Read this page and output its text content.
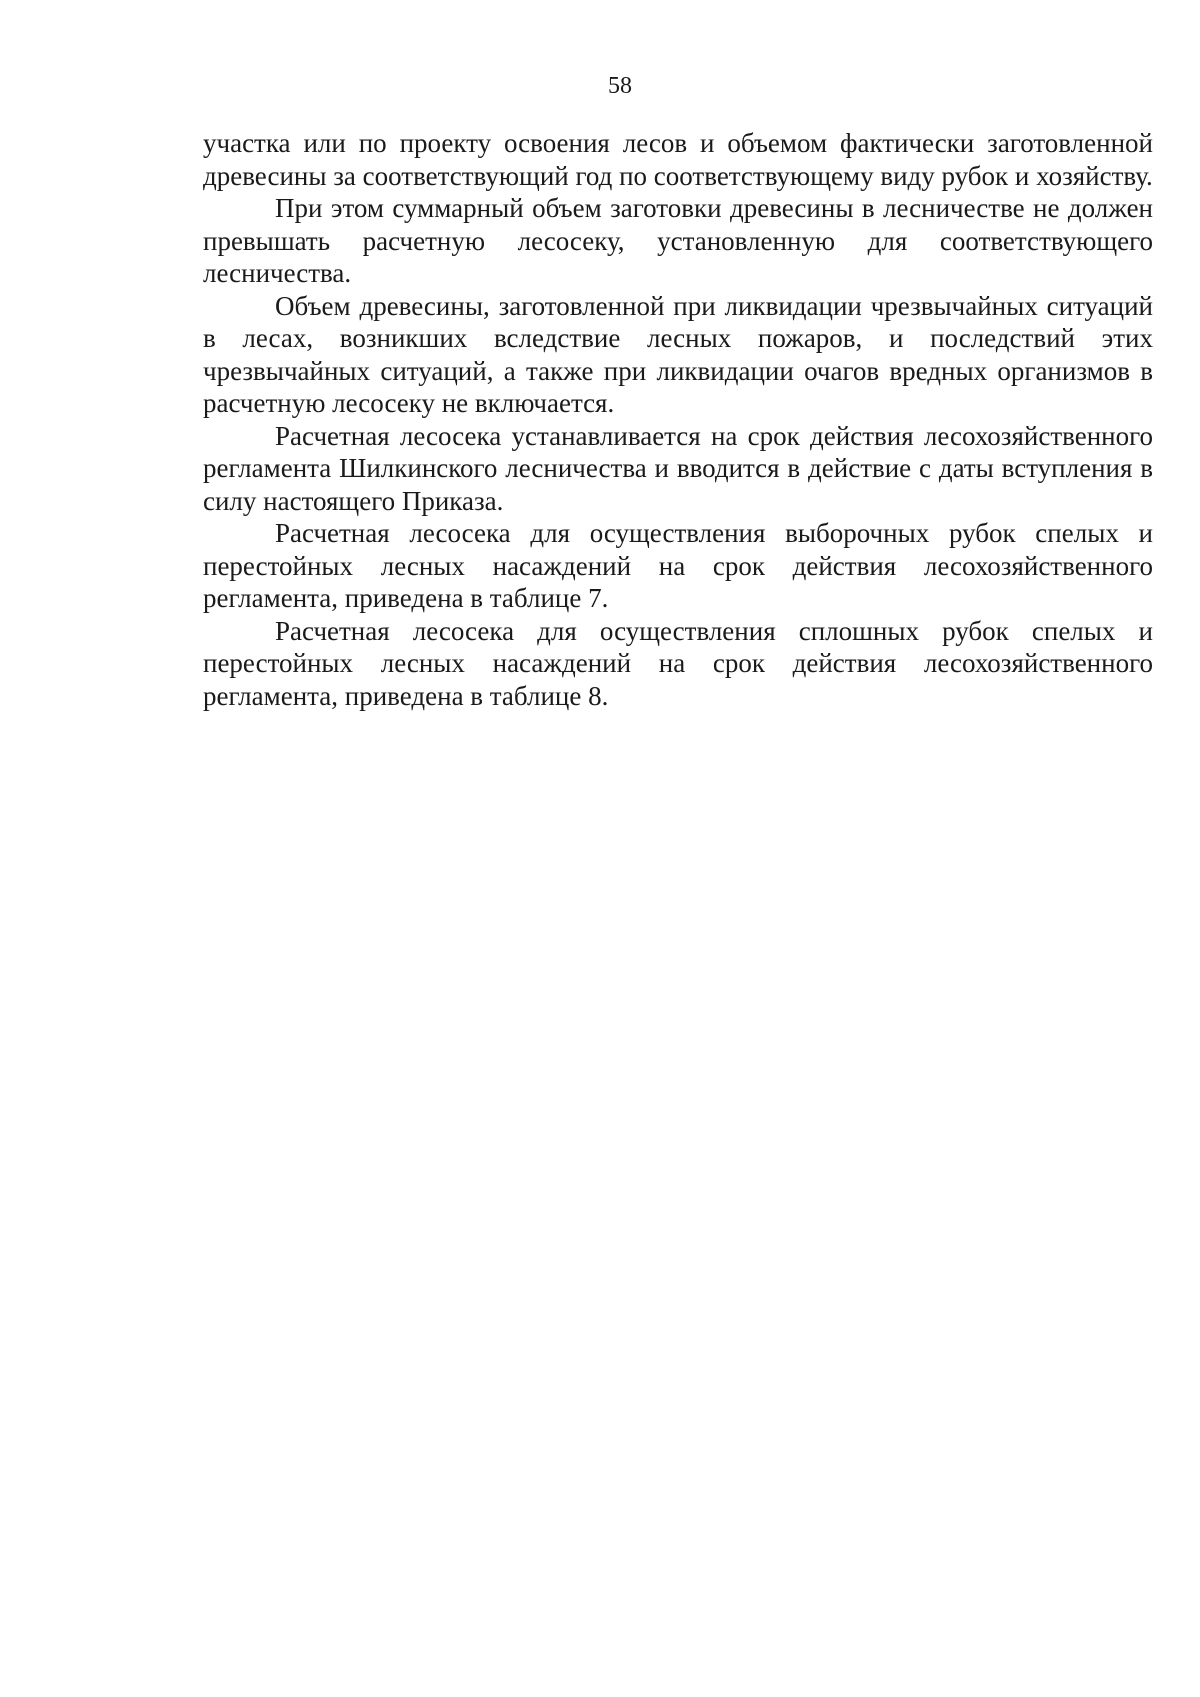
58

участка или по проекту освоения лесов и объемом фактически заготовленной древесины за соответствующий год по соответствующему виду рубок и хозяйству.

При этом суммарный объем заготовки древесины в лесничестве не должен превышать расчетную лесосеку, установленную для соответствующего лесничества.

Объем древесины, заготовленной при ликвидации чрезвычайных ситуаций в лесах, возникших вследствие лесных пожаров, и последствий этих чрезвычайных ситуаций, а также при ликвидации очагов вредных организмов в расчетную лесосеку не включается.

Расчетная лесосека устанавливается на срок действия лесохозяйственного регламента Шилкинского лесничества и вводится в действие с даты вступления в силу настоящего Приказа.

Расчетная лесосека для осуществления выборочных рубок спелых и перестойных лесных насаждений на срок действия лесохозяйственного регламента, приведена в таблице 7.

Расчетная лесосека для осуществления сплошных рубок спелых и перестойных лесных насаждений на срок действия лесохозяйственного регламента, приведена в таблице 8.
